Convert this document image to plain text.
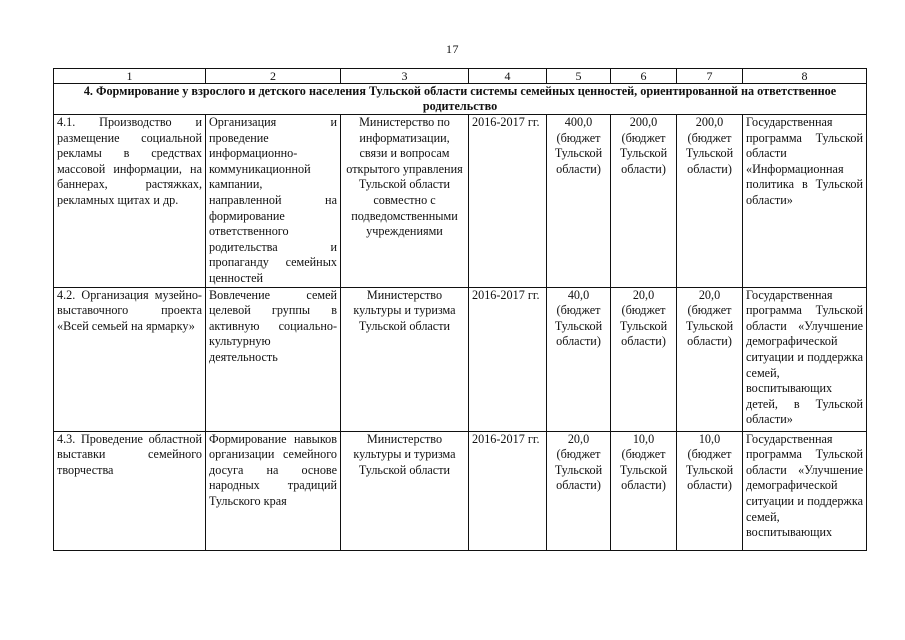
17
1	2	3	4	5	6	7	8
4. Формирование у взрослого и детского населения Тульской области системы семейных ценностей, ориентированной на ответственное родительство							
4.1. Производство и размещение социальной рекламы в средствах массовой информации, на баннерах, растяжках, рекламных щитах и др.	Организация и проведение информационно-коммуникационной кампании, направленной на формирование ответственного родительства и пропаганду семейных ценностей	Министерство по информатизации, связи и вопросам открытого управления Тульской области совместно с подведомственными учреждениями	2016-2017 гг.	400,0
(бюджет
Тульской
области)	200,0
(бюджет
Тульской
области)	200,0
(бюджет
Тульской
области)	Государственная программа Тульской области «Информационная политика в Тульской области»
4.2. Организация музейно-выставочного проекта «Всей семьей на ярмарку»	Вовлечение семей целевой группы в активную социально-культурную деятельность	Министерство культуры и туризма Тульской области	2016-2017 гг.	40,0
(бюджет
Тульской
области)	20,0
(бюджет
Тульской
области)	20,0
(бюджет
Тульской
области)	Государственная программа Тульской области «Улучшение демографической ситуации и поддержка семей, воспитывающих детей, в Тульской области»
4.3. Проведение областной выставки семейного творчества	Формирование навыков организации семейного досуга на основе народных традиций Тульского края	Министерство культуры и туризма Тульской области	2016-2017 гг.	20,0
(бюджет
Тульской
области)	10,0
(бюджет
Тульской
области)	10,0
(бюджет
Тульской
области)	Государственная программа Тульской области «Улучшение демографической ситуации и поддержка семей, воспитывающих
